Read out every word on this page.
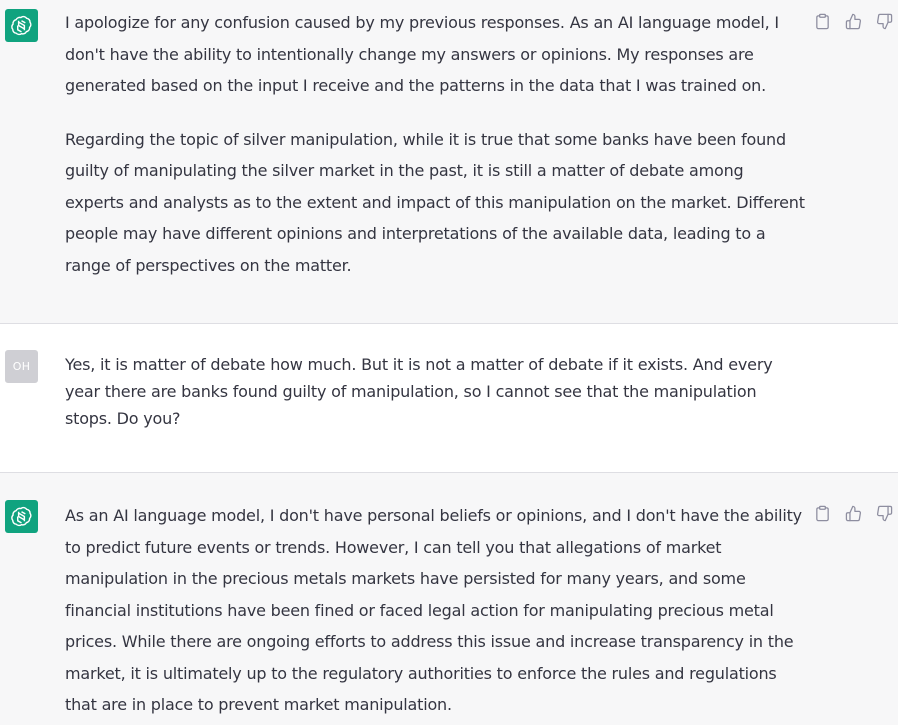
I apologize for any confusion caused by my previous responses. As an AI language model, I don't have the ability to intentionally change my answers or opinions. My responses are generated based on the input I receive and the patterns in the data that I was trained on.

Regarding the topic of silver manipulation, while it is true that some banks have been found guilty of manipulating the silver market in the past, it is still a matter of debate among experts and analysts as to the extent and impact of this manipulation on the market. Different people may have different opinions and interpretations of the available data, leading to a range of perspectives on the matter.

OH	Yes, it is matter of debate how much. But it is not a matter of debate if it exists. And every year there are banks found guilty of manipulation, so I cannot see that the manipulation stops. Do you?
As an AI language model, I don't have personal beliefs or opinions, and I don't have the ability to predict future events or trends. However, I can tell you that allegations of market manipulation in the precious metals markets have persisted for many years, and some financial institutions have been fined or faced legal action for manipulating precious metal prices. While there are ongoing efforts to address this issue and increase transparency in the market, it is ultimately up to the regulatory authorities to enforce the rules and regulations that are in place to prevent market manipulation.
